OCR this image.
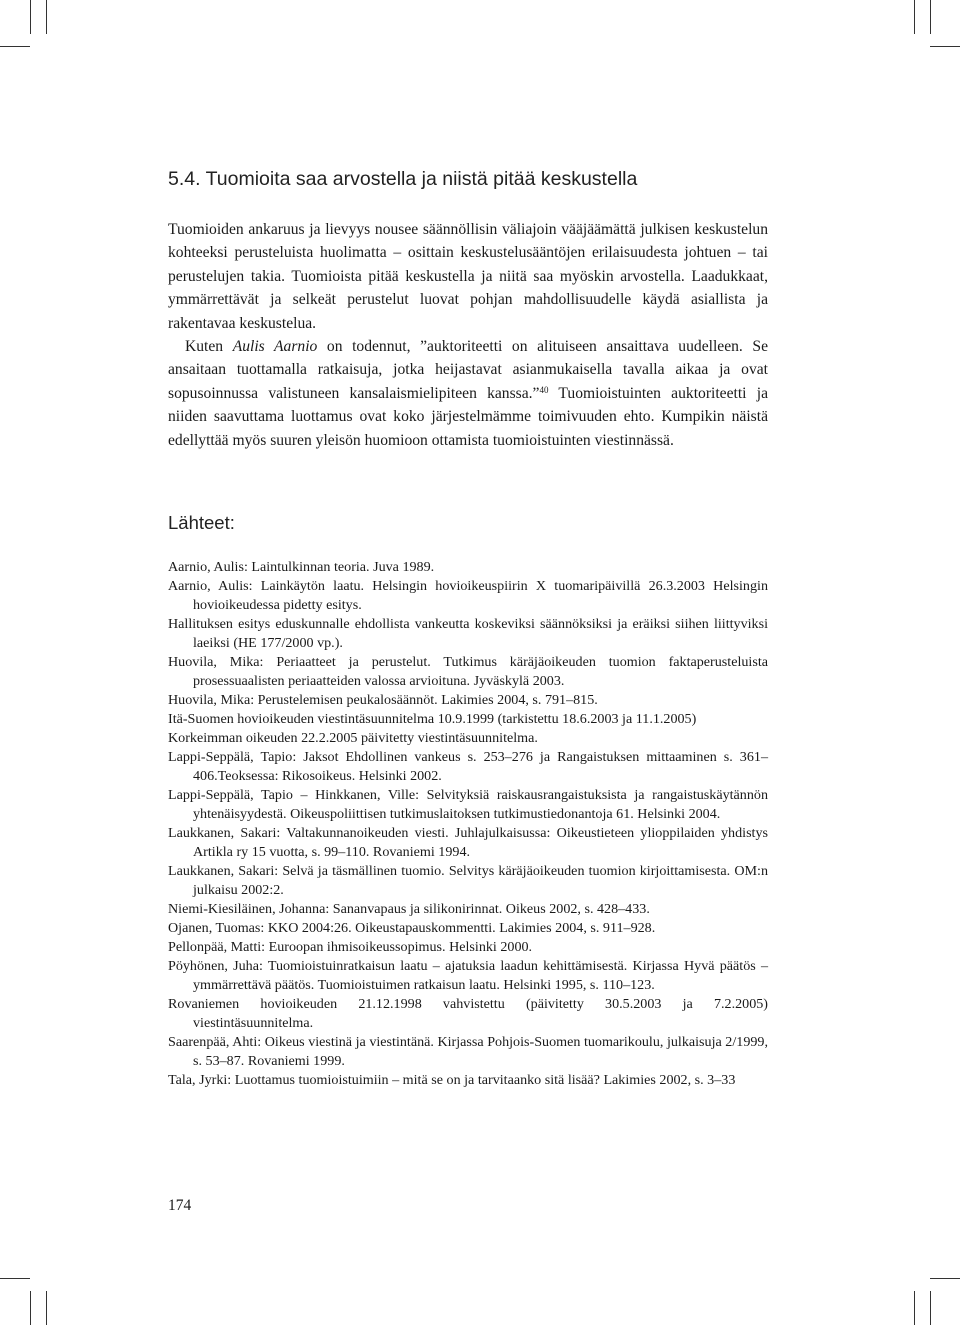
5.4. Tuomioita saa arvostella ja niistä pitää keskustella

Tuomioiden ankaruus ja lievyys nousee säännöllisin väliajoin vääjäämättä julkisen keskustelun kohteeksi perusteluista huolimatta – osittain keskustelusääntöjen erilaisuudesta johtuen – tai perustelujen takia. Tuomioista pitää keskustella ja niitä saa myöskin arvostella. Laadukkaat, ymmärrettävät ja selkeät perustelut luovat pohjan mahdollisuudelle käydä asiallista ja rakentavaa keskustelua.

Kuten Aulis Aarnio on todennut, ”auktoriteetti on alituiseen ansaittava uudelleen. Se ansaitaan tuottamalla ratkaisuja, jotka heijastavat asianmukaisella tavalla aikaa ja ovat sopusoinnussa valistuneen kansalaismielipiteen kanssa.”$^{40}$ Tuomioistuinten auktoriteetti ja niiden saavuttama luottamus ovat koko järjestelmämme toimivuuden ehto. Kumpikin näistä edellyttää myös suuren yleisön huomioon ottamista tuomioistuinten viestinnässä.

Lähteet:
Aarnio, Aulis: Laintulkinnan teoria. Juva 1989.
Aarnio, Aulis: Lainkäytön laatu. Helsingin hovioikeuspiirin X tuomaripäivillä 26.3.2003 Helsingin hovioikeudessa pidetty esitys.
Hallituksen esitys eduskunnalle ehdollista vankeutta koskeviksi säännöksiksi ja eräiksi siihen liittyviksi laeiksi (HE 177/2000 vp.).
Huovila, Mika: Periaatteet ja perustelut. Tutkimus käräjäoikeuden tuomion faktaperusteluista prosessuaalisten periaatteiden valossa arvioituna. Jyväskylä 2003.
Huovila, Mika: Perustelemisen peukalosäännöt. Lakimies 2004, s. 791–815.
Itä-Suomen hovioikeuden viestintäsuunnitelma 10.9.1999 (tarkistettu 18.6.2003 ja 11.1.2005)
Korkeimman oikeuden 22.2.2005 päivitetty viestintäsuunnitelma.
Lappi-Seppälä, Tapio: Jaksot Ehdollinen vankeus s. 253–276 ja Rangaistuksen mittaaminen s. 361–406.Teoksessa: Rikosoikeus. Helsinki 2002.
Lappi-Seppälä, Tapio – Hinkkanen, Ville: Selvityksiä raiskausrangaistuksista ja rangaistuskäytännön yhtenäisyydestä. Oikeuspoliittisen tutkimuslaitoksen tutkimustiedonantoja 61. Helsinki 2004.
Laukkanen, Sakari: Valtakunnanoikeuden viesti. Juhlajulkaisussa: Oikeustieteen ylioppilaiden yhdistys Artikla ry 15 vuotta, s. 99–110. Rovaniemi 1994.
Laukkanen, Sakari: Selvä ja täsmällinen tuomio. Selvitys käräjäoikeuden tuomion kirjoittamisesta. OM:n julkaisu 2002:2.
Niemi-Kiesiläinen, Johanna: Sananvapaus ja silikonirinnat. Oikeus 2002, s. 428–433.
Ojanen, Tuomas: KKO 2004:26. Oikeustapauskommentti. Lakimies 2004, s. 911–928.
Pellonpää, Matti: Euroopan ihmisoikeussopimus. Helsinki 2000.
Pöyhönen, Juha: Tuomioistuinratkaisun laatu – ajatuksia laadun kehittämisestä. Kirjassa Hyvä päätös – ymmärrettävä päätös. Tuomioistuimen ratkaisun laatu. Helsinki 1995, s. 110–123.
Rovaniemen hovioikeuden 21.12.1998 vahvistettu (päivitetty 30.5.2003 ja 7.2.2005) viestintäsuunnitelma.
Saarenpää, Ahti: Oikeus viestinä ja viestintänä. Kirjassa Pohjois-Suomen tuomarikoulu, julkaisuja 2/1999, s. 53–87. Rovaniemi 1999.
Tala, Jyrki: Luottamus tuomioistuimiin – mitä se on ja tarvitaanko sitä lisää? Lakimies 2002, s. 3–33
174
